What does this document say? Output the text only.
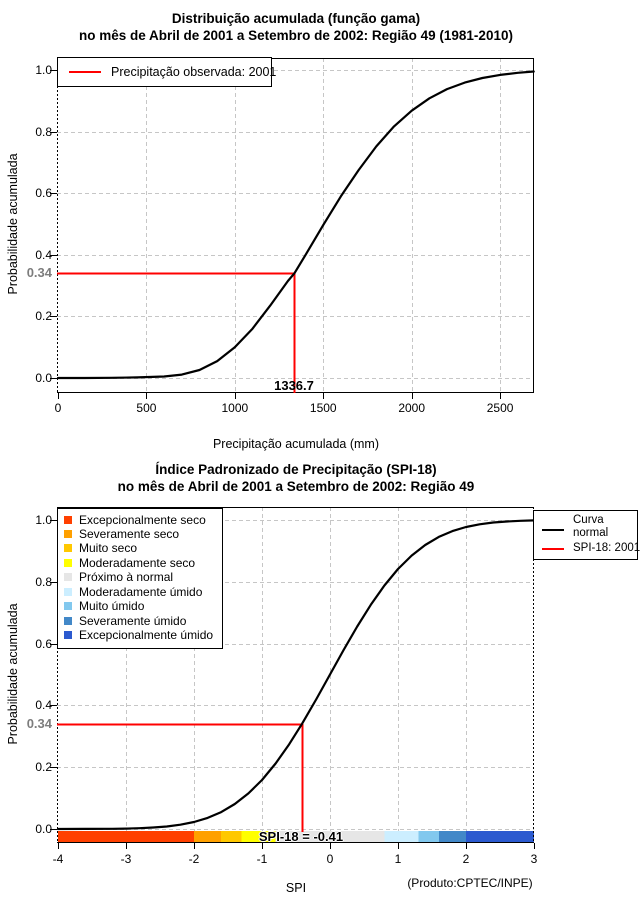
Distribuição acumulada (função gama)
no mês de Abril de 2001 a Setembro de 2002: Região 49 (1981-2010)
Probabilidade acumulada
Precipitação acumulada (mm)
Precipitação observada: 2001
0.34
1336.7
Índice Padronizado de Precipitação (SPI-18)
no mês de Abril de 2001 a Setembro de 2002: Região 49
Probabilidade acumulada
SPI
Excepcionalmente seco
Severamente seco
Muito seco
Moderadamente seco
Próximo à normal
Moderadamente úmido
Muito úmido
Severamente úmido
Excepcionalmente úmido
Curva
normal
SPI-18: 2001
0.34
SPI-18 = -0.41
(Produto:CPTEC/INPE)
0	500	1000	1500	2000	2500
0.0
0.2
0.4
0.6
0.8
1.0
-4	-3	-2	-1	0	1	2	3
0.0
0.2
0.4
0.6
0.8
1.0
